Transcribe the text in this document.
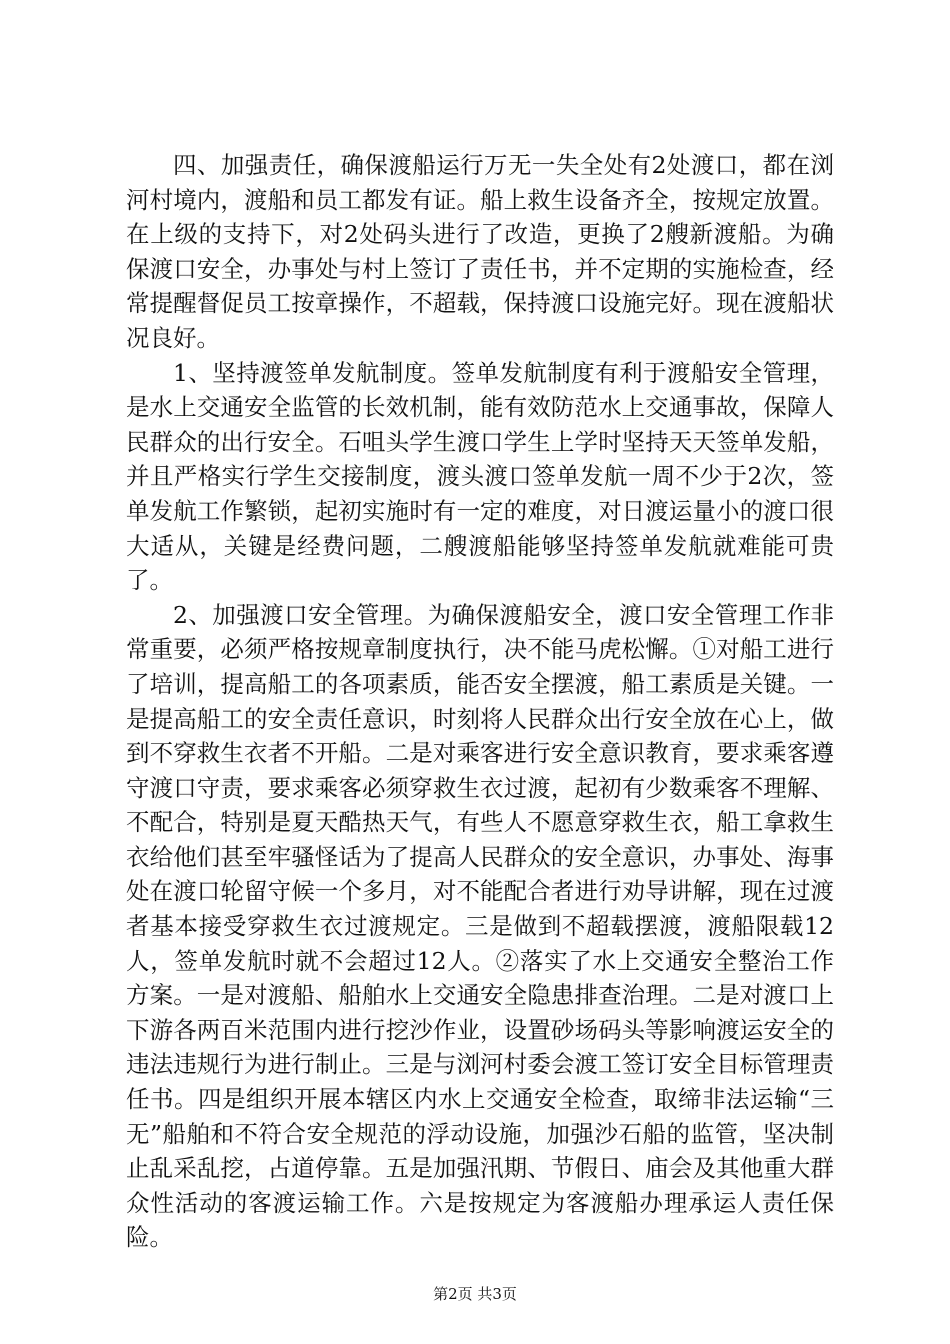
四、加强责任，确保渡船运行万无一失全处有2处渡口，都在浏河村境内，渡船和员工都发有证。船上救生设备齐全，按规定放置。在上级的支持下，对2处码头进行了改造，更换了2艘新渡船。为确保渡口安全，办事处与村上签订了责任书，并不定期的实施检查，经常提醒督促员工按章操作，不超载，保持渡口设施完好。现在渡船状况良好。

1、坚持渡签单发航制度。签单发航制度有利于渡船安全管理，是水上交通安全监管的长效机制，能有效防范水上交通事故，保障人民群众的出行安全。石咀头学生渡口学生上学时坚持天天签单发船，并且严格实行学生交接制度，渡头渡口签单发航一周不少于2次，签单发航工作繁锁，起初实施时有一定的难度，对日渡运量小的渡口很大适从，关键是经费问题，二艘渡船能够坚持签单发航就难能可贵了。

2、加强渡口安全管理。为确保渡船安全，渡口安全管理工作非常重要，必须严格按规章制度执行，决不能马虎松懈。①对船工进行了培训，提高船工的各项素质，能否安全摆渡，船工素质是关键。一是提高船工的安全责任意识，时刻将人民群众出行安全放在心上，做到不穿救生衣者不开船。二是对乘客进行安全意识教育，要求乘客遵守渡口守责，要求乘客必须穿救生衣过渡，起初有少数乘客不理解、不配合，特别是夏天酷热天气，有些人不愿意穿救生衣，船工拿救生衣给他们甚至牢骚怪话为了提高人民群众的安全意识，办事处、海事处在渡口轮留守候一个多月，对不能配合者进行劝导讲解，现在过渡者基本接受穿救生衣过渡规定。三是做到不超载摆渡，渡船限载12人，签单发航时就不会超过12人。②落实了水上交通安全整治工作方案。一是对渡船、船舶水上交通安全隐患排查治理。二是对渡口上下游各两百米范围内进行挖沙作业，设置砂场码头等影响渡运安全的违法违规行为进行制止。三是与浏河村委会渡工签订安全目标管理责任书。四是组织开展本辖区内水上交通安全检查，取缔非法运输“三无”船舶和不符合安全规范的浮动设施，加强沙石船的监管，坚决制止乱采乱挖，占道停靠。五是加强汛期、节假日、庙会及其他重大群众性活动的客渡运输工作。六是按规定为客渡船办理承运人责任保险。

第2页 共3页
